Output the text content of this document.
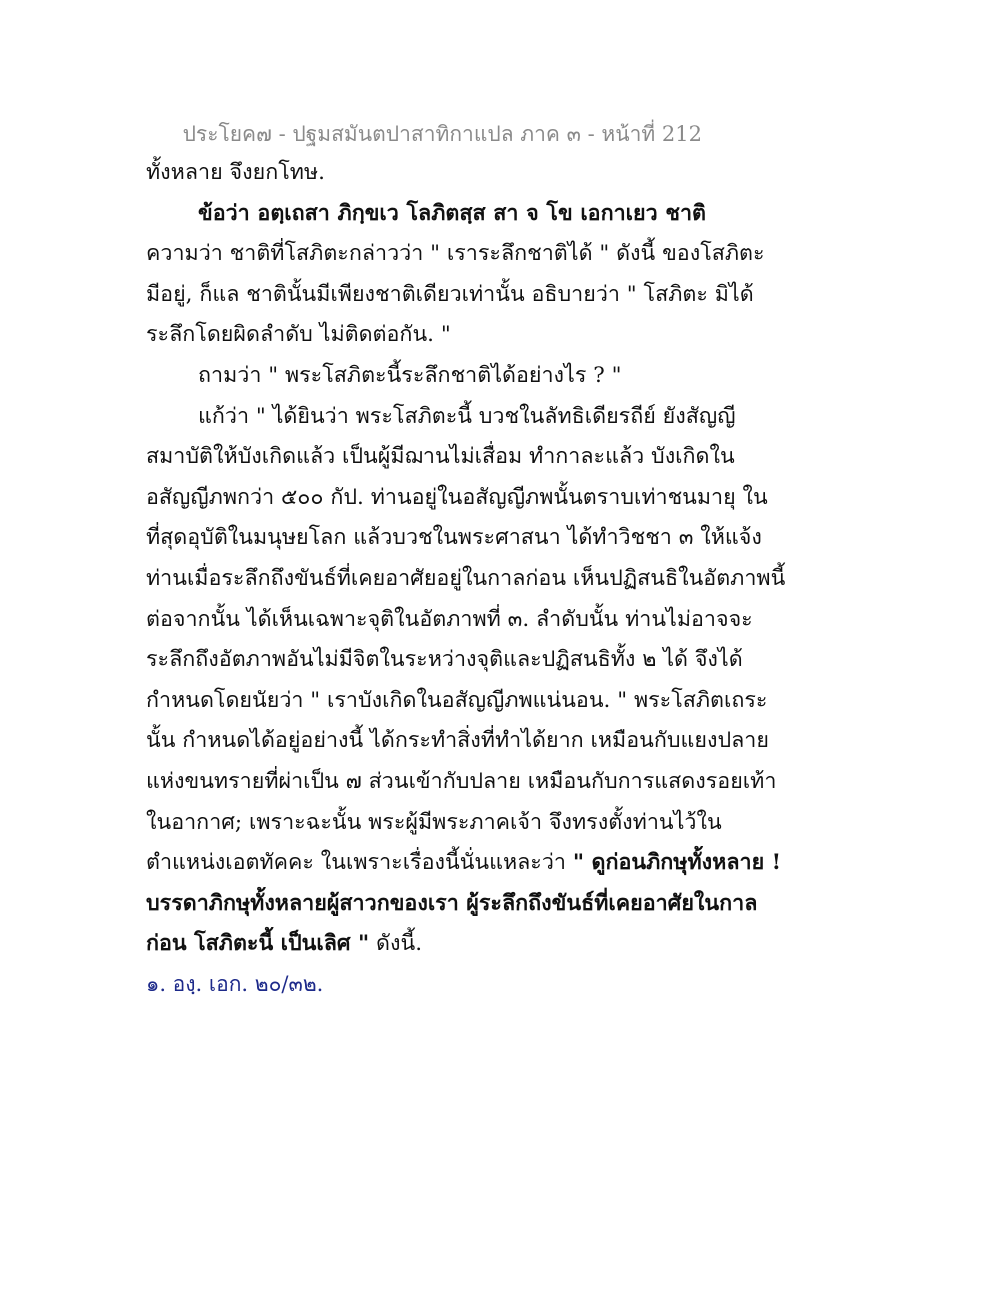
ประโยค๗ - ปฐมสมันตปาสาทิกาแปล ภาค ๓ - หน้าที่ 212
ทั้งหลาย จึงยกโทษ.
ข้อว่า อตฺเถสา ภิกฺขเว โลภิตสฺส สา จ โข เอกาเยว ชาติ
ความว่า ชาติที่โสภิตะกล่าวว่า " เราระลึกชาติได้ " ดังนี้ ของโสภิตะ
มีอยู่, ก็แล ชาตินั้นมีเพียงชาติเดียวเท่านั้น อธิบายว่า " โสภิตะ มิได้
ระลึกโดยผิดลำดับ ไม่ติดต่อกัน. "
ถามว่า " พระโสภิตะนี้ระลึกชาติได้อย่างไร ? "
แก้ว่า " ได้ยินว่า พระโสภิตะนี้ บวชในลัทธิเดียรถีย์ ยังสัญญี
สมาบัติให้บังเกิดแล้ว เป็นผู้มีฌานไม่เสื่อม ทำกาละแล้ว บังเกิดใน
อสัญญีภพกว่า ๕๐๐ กัป. ท่านอยู่ในอสัญญีภพนั้นตราบเท่าชนมายุ ใน
ที่สุดอุบัติในมนุษยโลก แล้วบวชในพระศาสนา ได้ทำวิชชา ๓ ให้แจ้ง
ท่านเมื่อระลึกถึงขันธ์ที่เคยอาศัยอยู่ในกาลก่อน เห็นปฏิสนธิในอัตภาพนี้
ต่อจากนั้น ได้เห็นเฉพาะจุติในอัตภาพที่ ๓. ลำดับนั้น ท่านไม่อาจจะ
ระลึกถึงอัตภาพอันไม่มีจิตในระหว่างจุติและปฏิสนธิทั้ง ๒ ได้ จึงได้
กำหนดโดยนัยว่า " เราบังเกิดในอสัญญีภพแน่นอน. " พระโสภิตเถระ
นั้น กำหนดได้อยู่อย่างนี้ ได้กระทำสิ่งที่ทำได้ยาก เหมือนกับแยงปลาย
แห่งขนทรายที่ผ่าเป็น ๗ ส่วนเข้ากับปลาย เหมือนกับการแสดงรอยเท้า
ในอากาศ; เพราะฉะนั้น พระผู้มีพระภาคเจ้า จึงทรงตั้งท่านไว้ใน
ตำแหน่งเอตทัคคะ ในเพราะเรื่องนี้นั่นแหละว่า " ดูก่อนภิกษุทั้งหลาย !
บรรดาภิกษุทั้งหลายผู้สาวกของเรา ผู้ระลึกถึงขันธ์ที่เคยอาศัยในกาล
ก่อน โสภิตะนี้ เป็นเลิศ " ดังนี้.
๑. องฺ. เอก. ๒๐/๓๒.
